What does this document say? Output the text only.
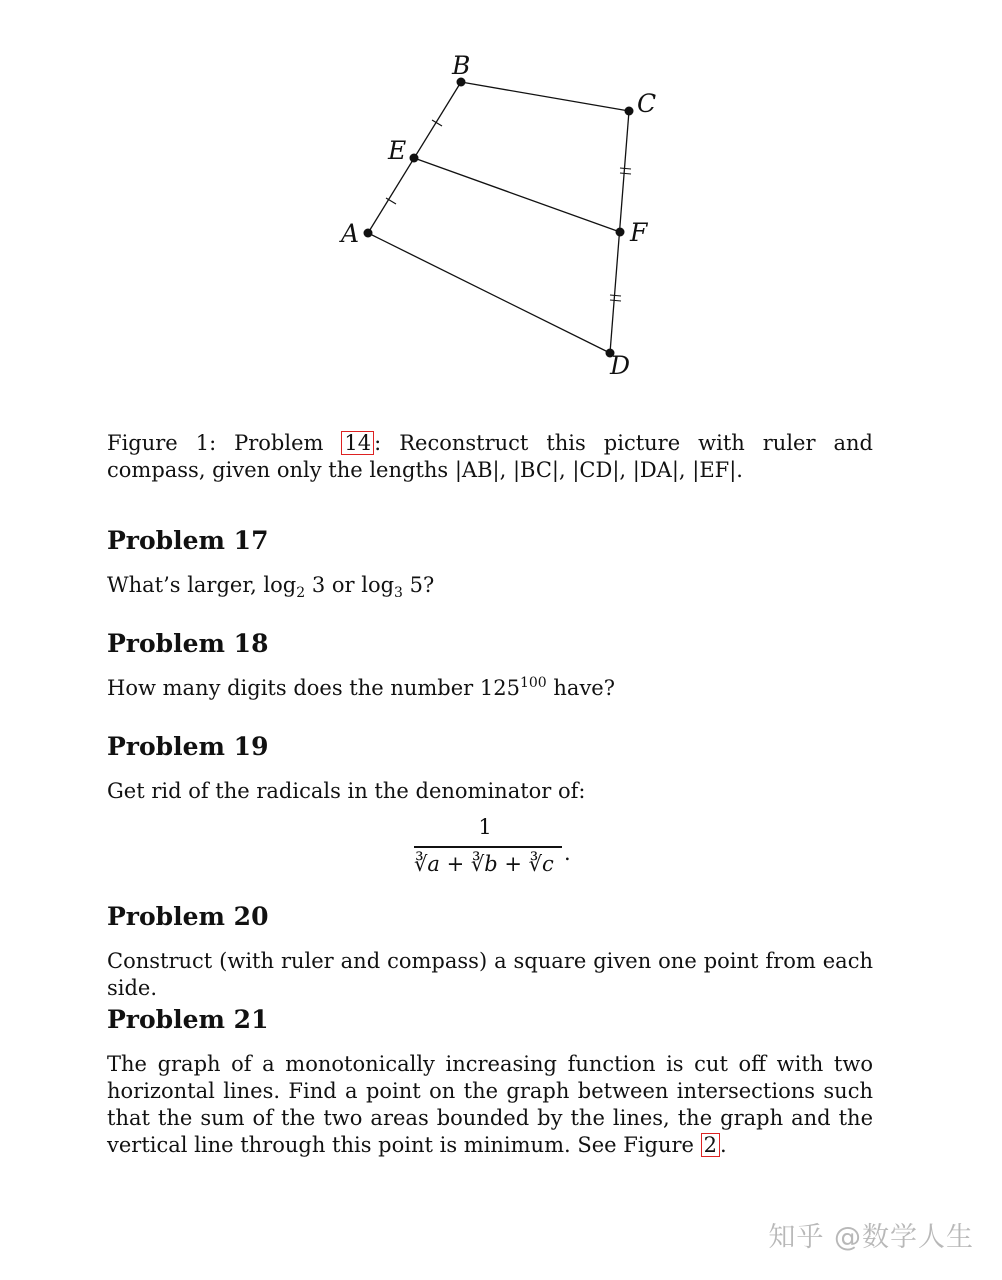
A
B
C
D
E
F
Figure 1: Problem 14 : Reconstruct this picture with ruler and compass, given only the lengths |AB|, |BC|, |CD|, |DA|, |EF|.
Problem 17
What’s larger, $\log_2 3$ or $\log_3 5$?
Problem 18
How many digits does the number $125^{100}$ have?
Problem 19
Get rid of the radicals in the denominator of:
1
∛a + ∛b + ∛c .
Problem 20
Construct (with ruler and compass) a square given one point from each side.
Problem 21
The graph of a monotonically increasing function is cut off with two horizontal lines. Find a point on the graph between intersections such that the sum of the two areas bounded by the lines, the graph and the vertical line through this point is minimum. See Figure 2 .
知乎 @数学人生
